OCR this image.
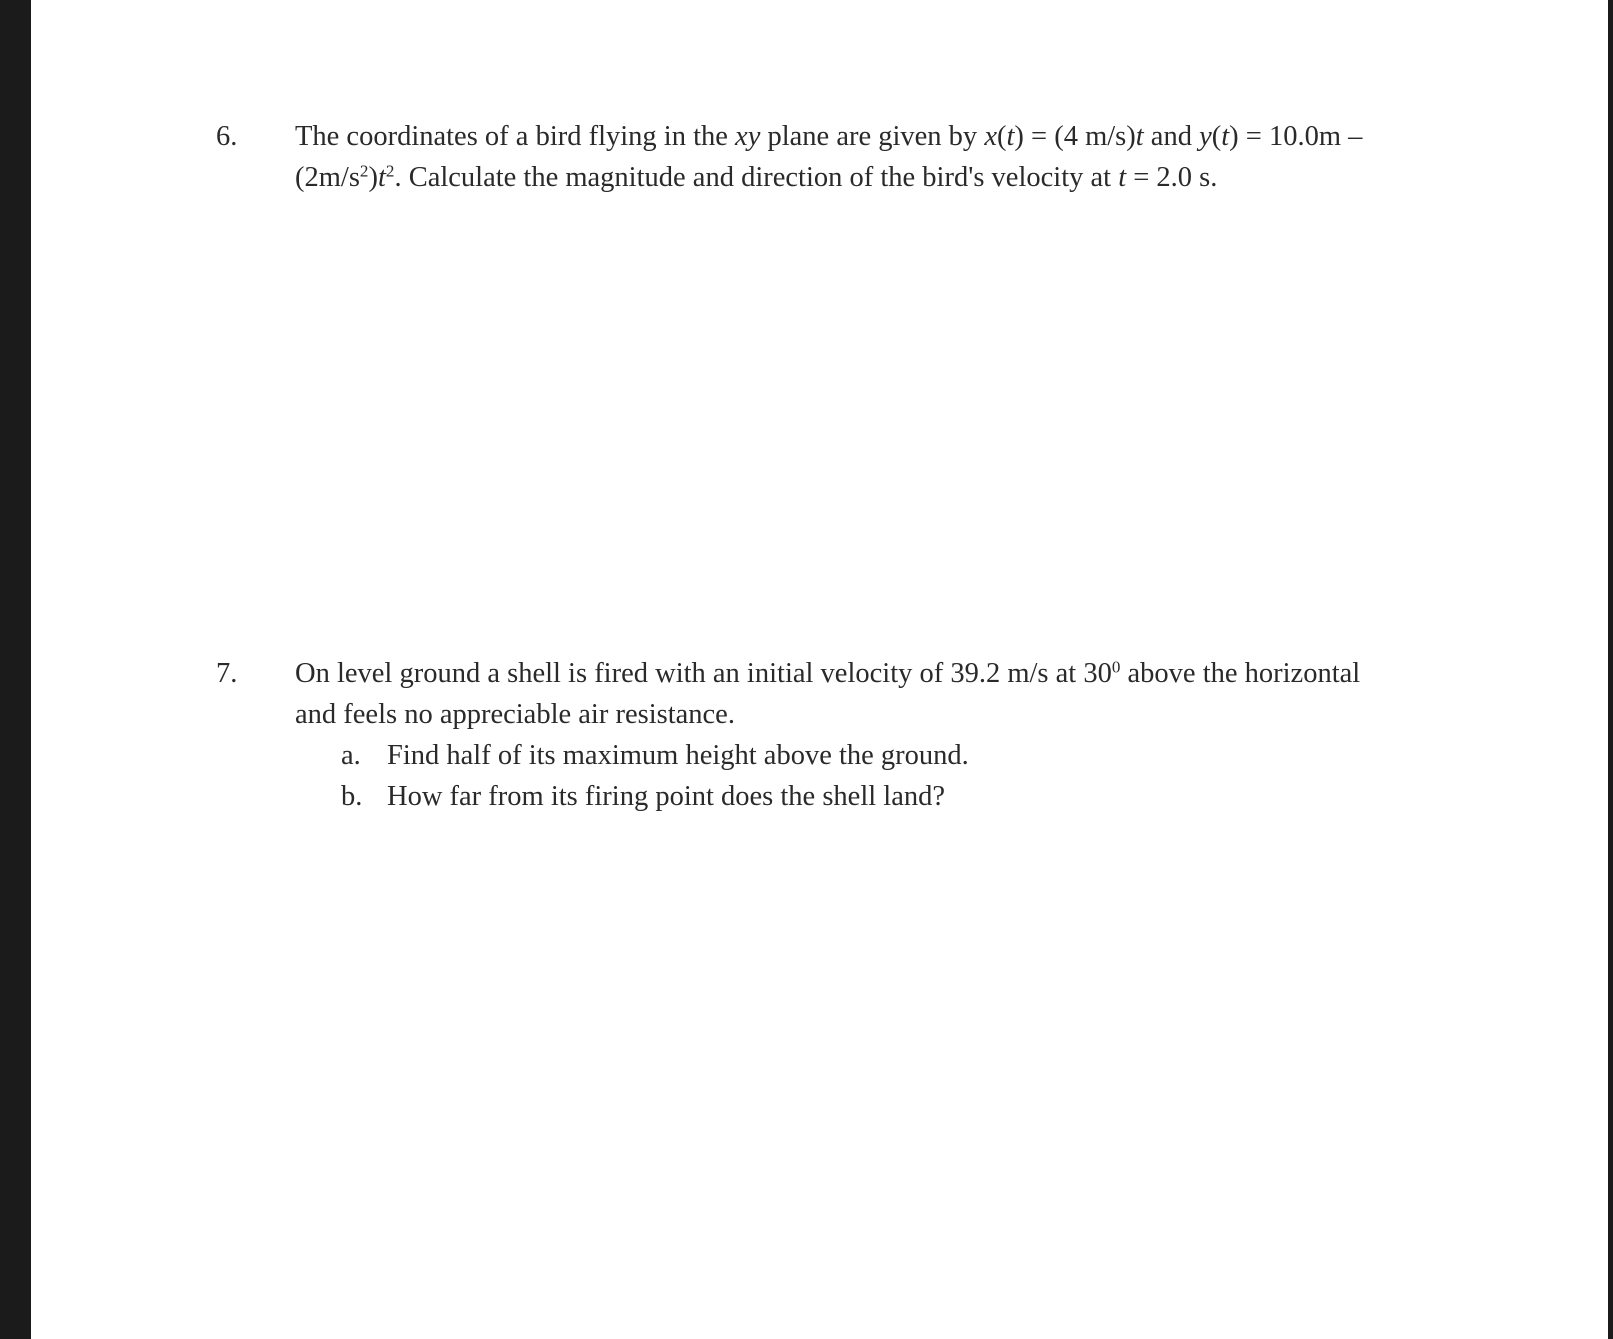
6. The coordinates of a bird flying in the xy plane are given by x(t) = (4 m/s)t and y(t) = 10.0m –
$(2m/s^2)t^2$. Calculate the magnitude and direction of the bird's velocity at t = 2.0 s.
7. On level ground a shell is fired with an initial velocity of 39.2 m/s at $30^0$ above the horizontal
and feels no appreciable air resistance.
a. Find half of its maximum height above the ground.
b. How far from its firing point does the shell land?
